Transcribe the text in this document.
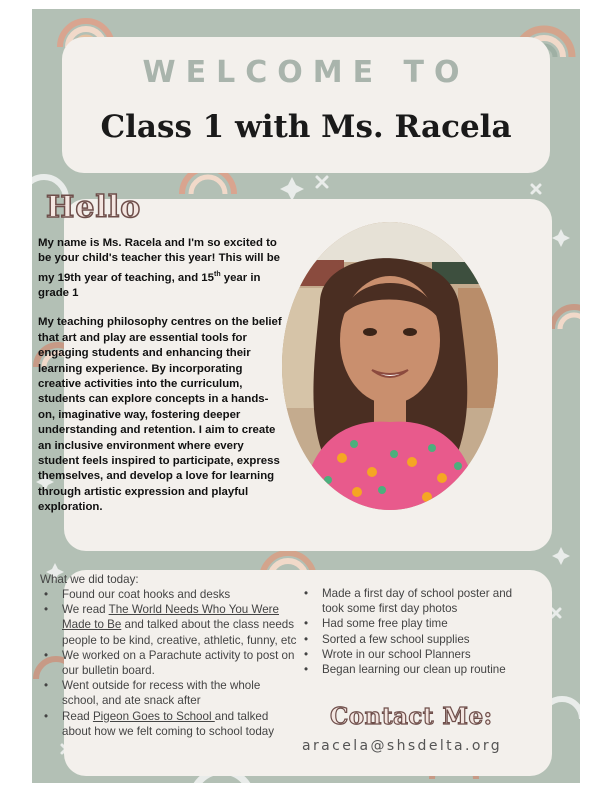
WELCOME TO
Class 1 with Ms. Racela
Hello

My name is Ms. Racela and I'm so excited to be your child's teacher this year! This will be my 19th year of teaching, and 15th year in grade 1

My teaching philosophy centres on the belief that art and play are essential tools for engaging students and enhancing their learning experience. By incorporating creative activities into the curriculum, students can explore concepts in a hands-on, imaginative way, fostering deeper understanding and retention. I aim to create an inclusive environment where every student feels inspired to participate, express themselves, and develop a love for learning through artistic expression and playful exploration.

What we did today:
• Found our coat hooks and desks
• We read The World Needs Who You Were Made to Be and talked about the class needs people to be kind, creative, athletic, funny, etc
• We worked on a Parachute activity to post on our bulletin board.
• Went outside for recess with the whole school, and ate snack after
• Read Pigeon Goes to School and talked about how we felt coming to school today
• Made a first day of school poster and took some first day photos
• Had some free play time
• Sorted a few school supplies
• Wrote in our school Planners
• Began learning our clean up routine
Contact Me:
aracela@shsdelta.org
